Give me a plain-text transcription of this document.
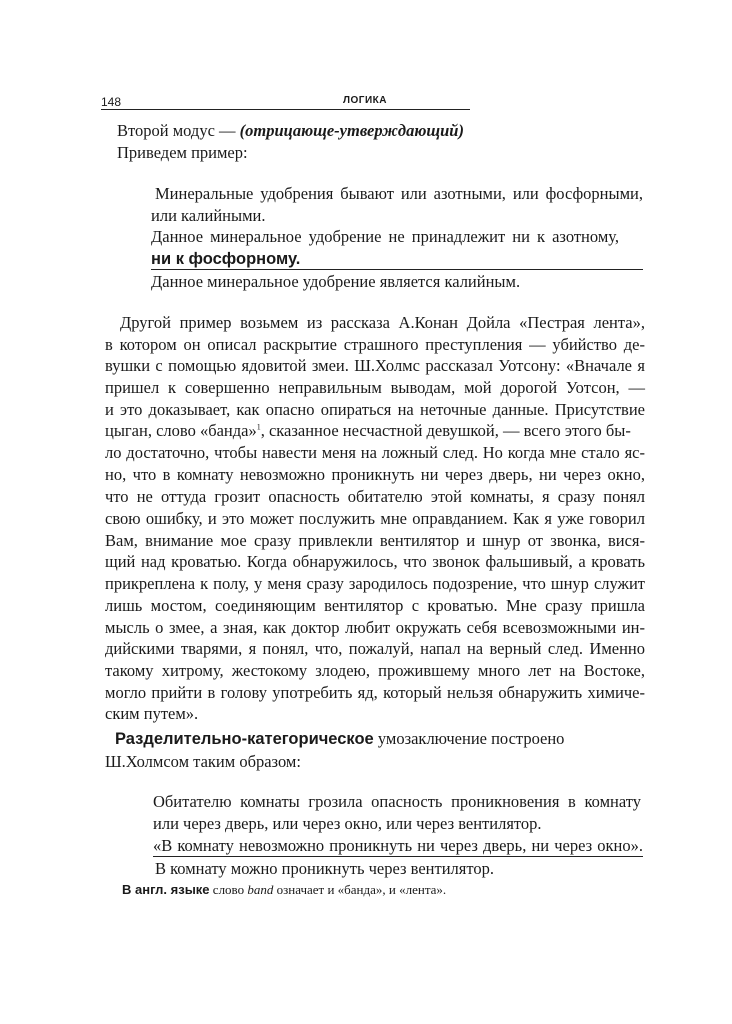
148	ЛОГИКА
Второй модус — (отрицающе-утверждающий)
Приведем пример:
Минеральные удобрения бывают или азотными, или фосфорными,
или калийными.
Данное минеральное удобрение не принадлежит ни к азотному,
ни к фосфорному.
Данное минеральное удобрение является калийным.
Другой пример возьмем из рассказа А.Конан Дойла «Пестрая лента»,
в котором он описал раскрытие страшного преступления — убийство де-
вушки с помощью ядовитой змеи. Ш.Холмс рассказал Уотсону: «Вначале я
пришел к совершенно неправильным выводам, мой дорогой Уотсон, —
и это доказывает, как опасно опираться на неточные данные. Присутствие
цыган, слово «банда»$^1$, сказанное несчастной девушкой, — всего этого бы-
ло достаточно, чтобы навести меня на ложный след. Но когда мне стало яс-
но, что в комнату невозможно проникнуть ни через дверь, ни через окно,
что не оттуда грозит опасность обитателю этой комнаты, я сразу понял
свою ошибку, и это может послужить мне оправданием. Как я уже говорил
Вам, внимание мое сразу привлекли вентилятор и шнур от звонка, вися-
щий над кроватью. Когда обнаружилось, что звонок фальшивый, а кровать
прикреплена к полу, у меня сразу зародилось подозрение, что шнур служит
лишь мостом, соединяющим вентилятор с кроватью. Мне сразу пришла
мысль о змее, а зная, как доктор любит окружать себя всевозможными ин-
дийскими тварями, я понял, что, пожалуй, напал на верный след. Именно
такому хитрому, жестокому злодею, прожившему много лет на Востоке,
могло прийти в голову употребить яд, который нельзя обнаружить химиче-
ским путем».
Разделительно-категорическое умозаключение построено
Ш.Холмсом таким образом:
Обитателю комнаты грозила опасность проникновения в комнату
или через дверь, или через окно, или через вентилятор.
«В комнату невозможно проникнуть ни через дверь, ни через окно».
В комнату можно проникнуть через вентилятор.
В англ. языке слово band означает и «банда», и «лента».
